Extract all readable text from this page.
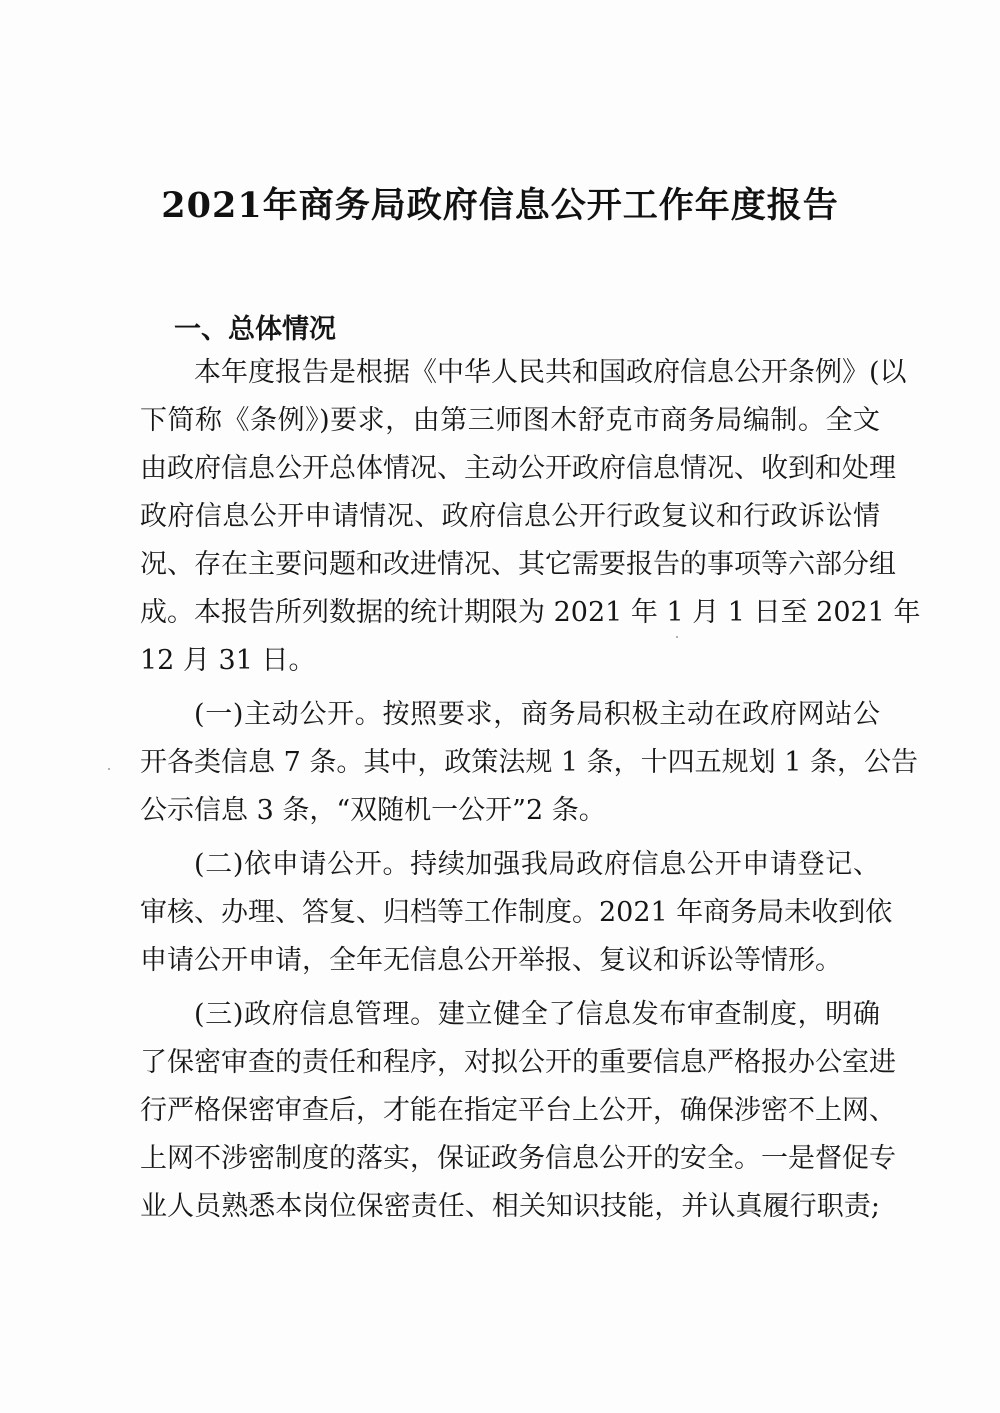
2021年商务局政府信息公开工作年度报告
一、总体情况
本年度报告是根据《中华人民共和国政府信息公开条例》(以
下简称《条例》)要求，由第三师图木舒克市商务局编制。全文
由政府信息公开总体情况、主动公开政府信息情况、收到和处理
政府信息公开申请情况、政府信息公开行政复议和行政诉讼情
况、存在主要问题和改进情况、其它需要报告的事项等六部分组
成。本报告所列数据的统计期限为 2021 年 1 月 1 日至 2021 年
12 月 31 日。
(一)主动公开。按照要求，商务局积极主动在政府网站公
开各类信息 7 条。其中，政策法规 1 条，十四五规划 1 条，公告
公示信息 3 条，“双随机一公开”2 条。
(二)依申请公开。持续加强我局政府信息公开申请登记、
审核、办理、答复、归档等工作制度。2021 年商务局未收到依
申请公开申请，全年无信息公开举报、复议和诉讼等情形。
(三)政府信息管理。建立健全了信息发布审查制度，明确
了保密审查的责任和程序，对拟公开的重要信息严格报办公室进
行严格保密审查后，才能在指定平台上公开，确保涉密不上网、
上网不涉密制度的落实，保证政务信息公开的安全。一是督促专
业人员熟悉本岗位保密责任、相关知识技能，并认真履行职责;
